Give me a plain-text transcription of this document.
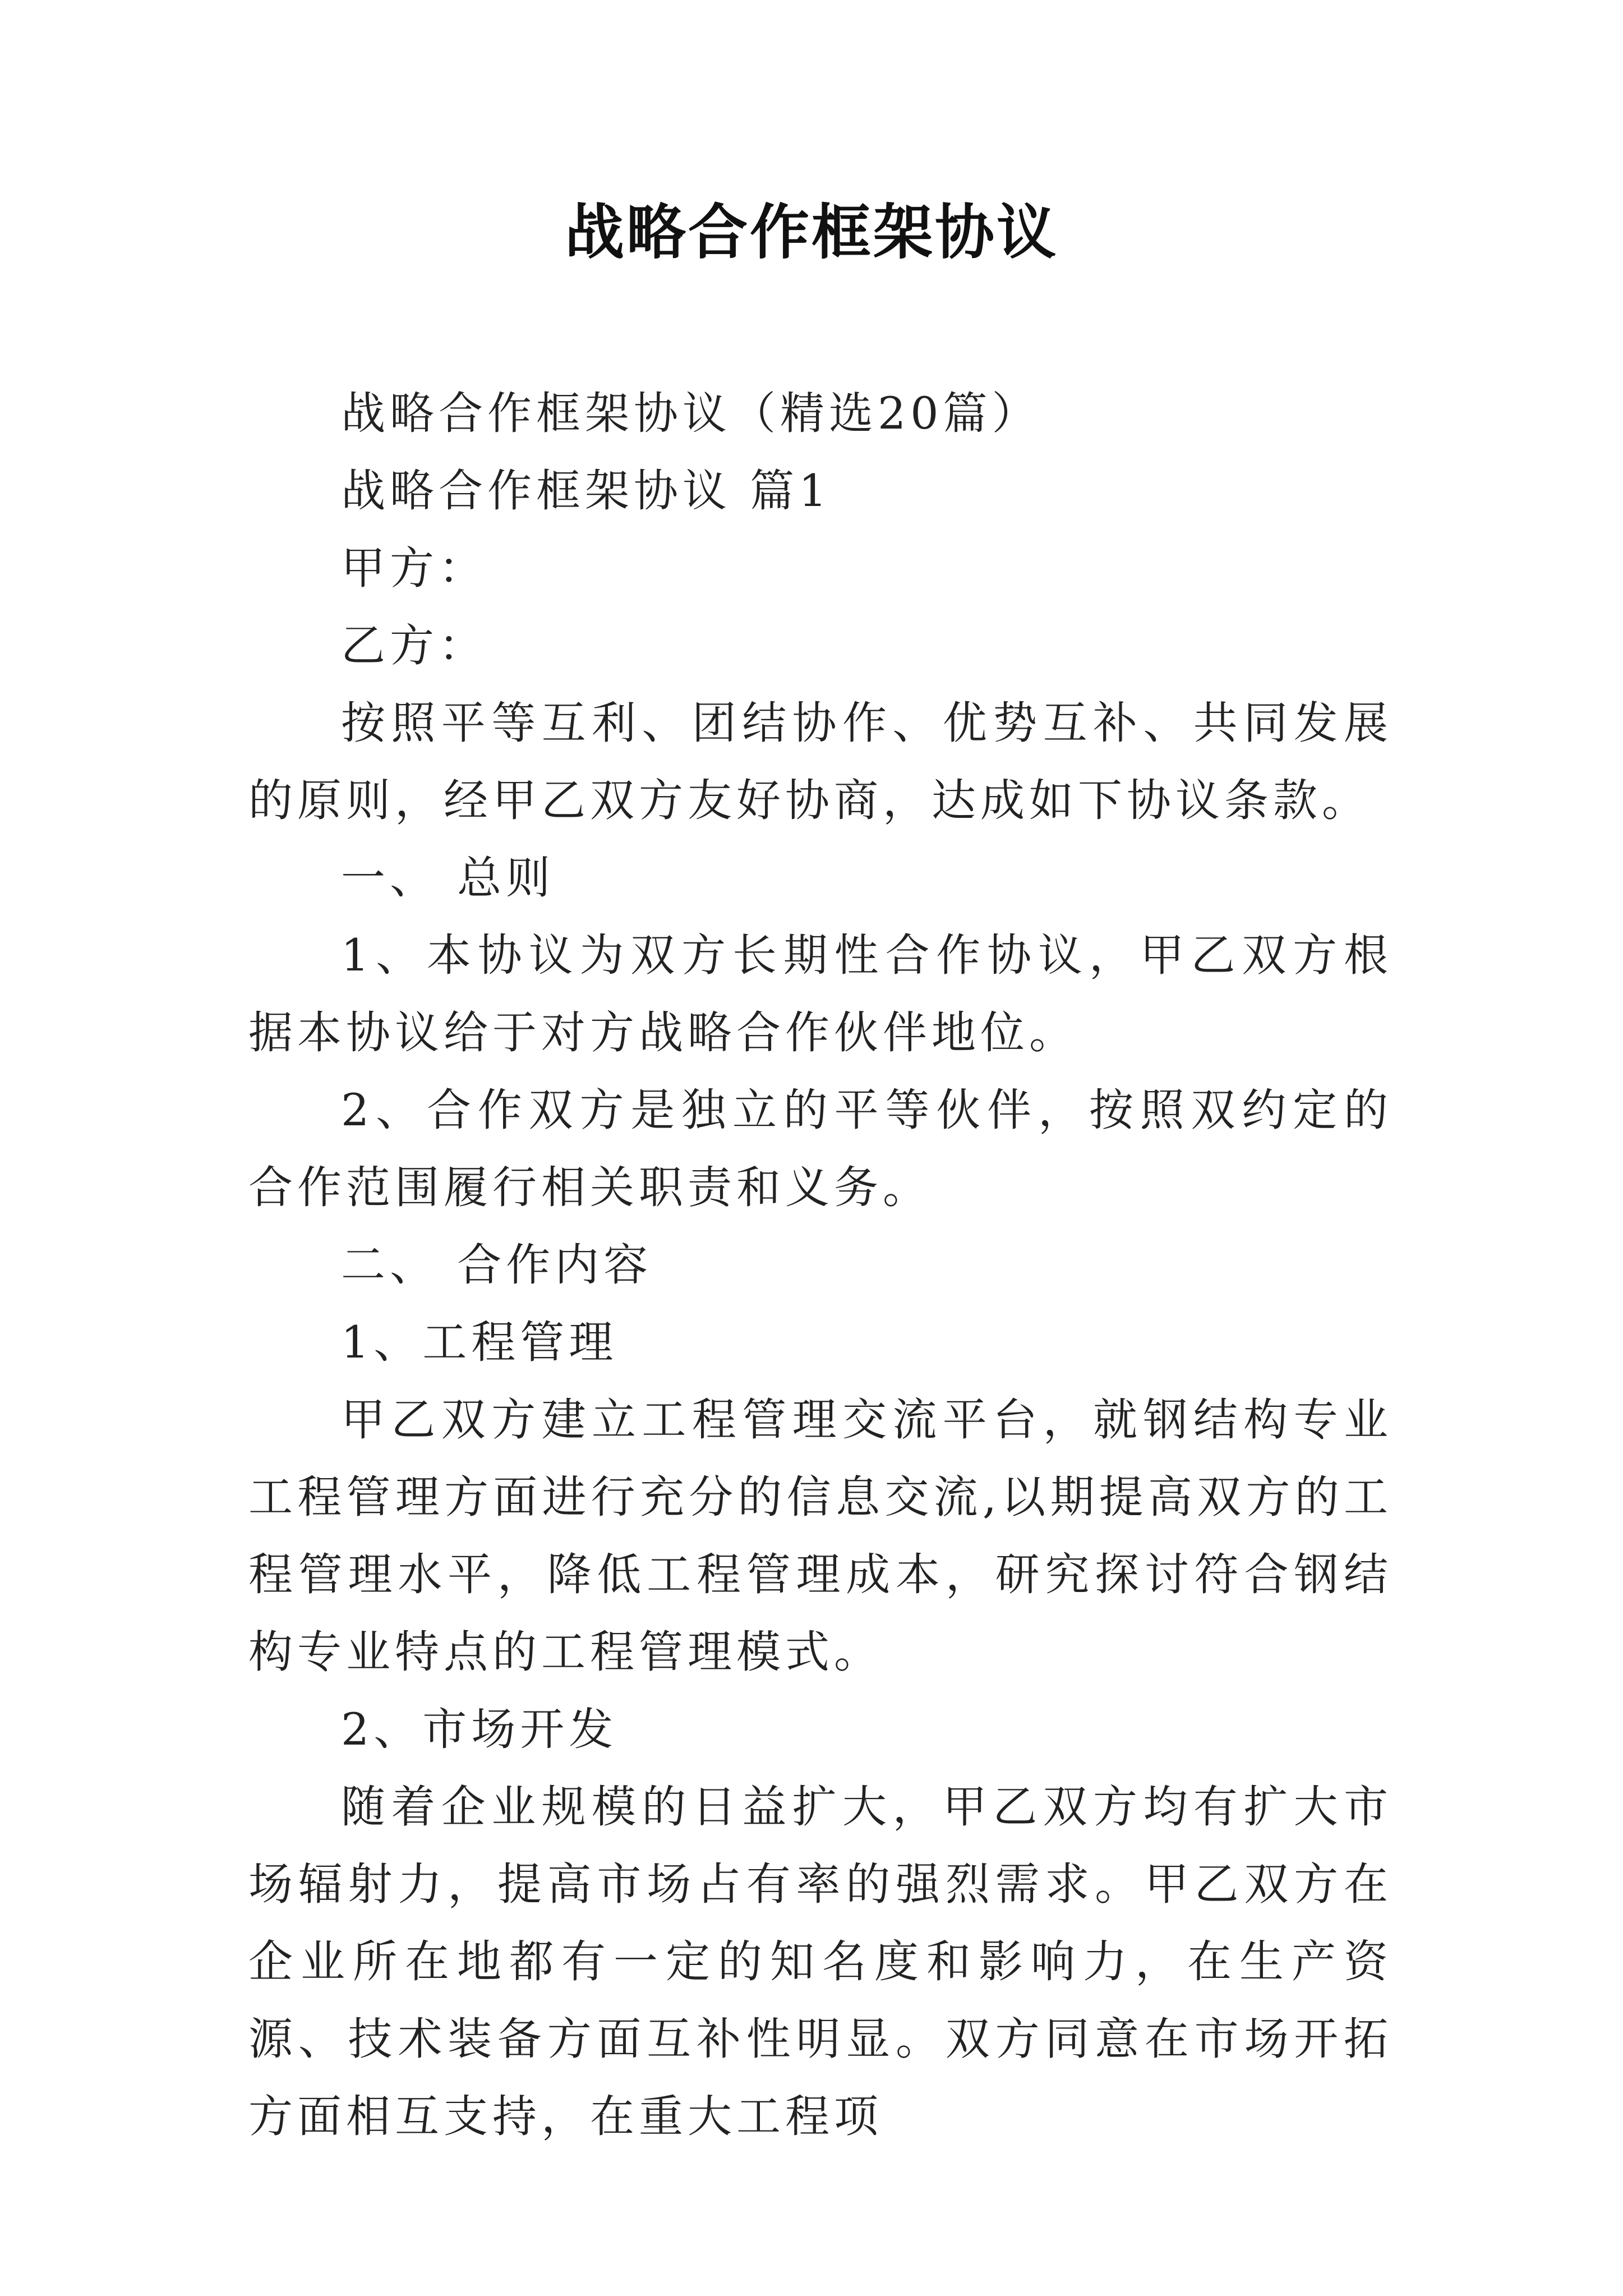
战略合作框架协议

战略合作框架协议（精选20篇）

战略合作框架协议 篇1

甲方：

乙方：

按照平等互利、团结协作、优势互补、共同发展的原则，经甲乙双方友好协商，达成如下协议条款。

一、 总则

1、本协议为双方长期性合作协议，甲乙双方根据本协议给于对方战略合作伙伴地位。

2、合作双方是独立的平等伙伴，按照双约定的合作范围履行相关职责和义务。

二、 合作内容

1、工程管理

甲乙双方建立工程管理交流平台，就钢结构专业工程管理方面进行充分的信息交流,以期提高双方的工程管理水平，降低工程管理成本，研究探讨符合钢结构专业特点的工程管理模式。

2、市场开发

随着企业规模的日益扩大，甲乙双方均有扩大市场辐射力，提高市场占有率的强烈需求。甲乙双方在企业所在地都有一定的知名度和影响力，在生产资源、技术装备方面互补性明显。双方同意在市场开拓方面相互支持，在重大工程项
